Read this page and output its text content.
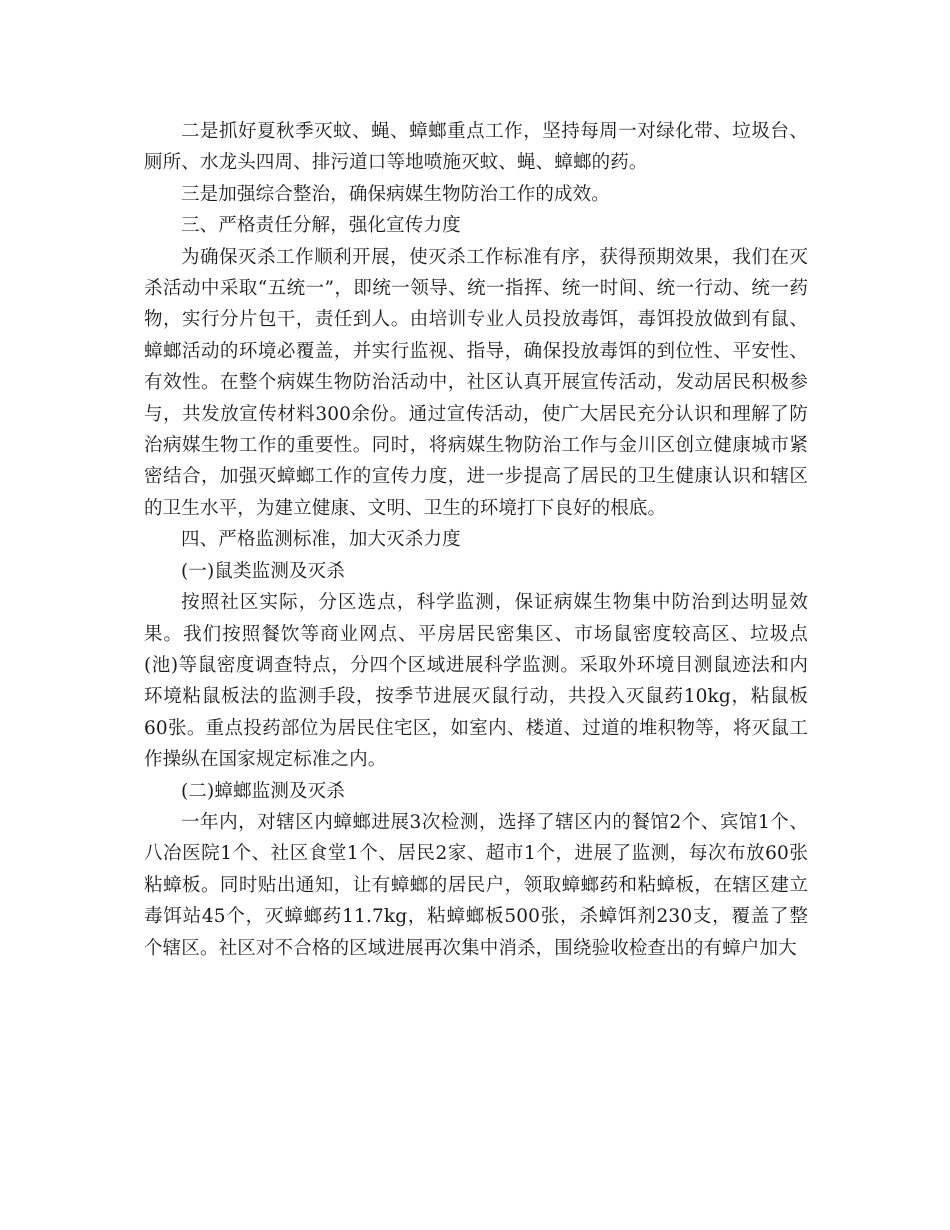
二是抓好夏秋季灭蚊、蝇、蟑螂重点工作，坚持每周一对绿化带、垃圾台、厕所、水龙头四周、排污道口等地喷施灭蚊、蝇、蟑螂的药。

三是加强综合整治，确保病媒生物防治工作的成效。

三、严格责任分解，强化宣传力度

为确保灭杀工作顺利开展，使灭杀工作标准有序，获得预期效果，我们在灭杀活动中采取“五统一”，即统一领导、统一指挥、统一时间、统一行动、统一药物，实行分片包干，责任到人。由培训专业人员投放毒饵，毒饵投放做到有鼠、蟑螂活动的环境必覆盖，并实行监视、指导，确保投放毒饵的到位性、平安性、有效性。在整个病媒生物防治活动中，社区认真开展宣传活动，发动居民积极参与，共发放宣传材料300余份。通过宣传活动，使广大居民充分认识和理解了防治病媒生物工作的重要性。同时，将病媒生物防治工作与金川区创立健康城市紧密结合，加强灭蟑螂工作的宣传力度，进一步提高了居民的卫生健康认识和辖区的卫生水平，为建立健康、文明、卫生的环境打下良好的根底。

四、严格监测标准，加大灭杀力度

(一)鼠类监测及灭杀

按照社区实际，分区选点，科学监测，保证病媒生物集中防治到达明显效果。我们按照餐饮等商业网点、平房居民密集区、市场鼠密度较高区、垃圾点(池)等鼠密度调查特点，分四个区域进展科学监测。采取外环境目测鼠迹法和内环境粘鼠板法的监测手段，按季节进展灭鼠行动，共投入灭鼠药10kg，粘鼠板60张。重点投药部位为居民住宅区，如室内、楼道、过道的堆积物等，将灭鼠工作操纵在国家规定标准之内。

(二)蟑螂监测及灭杀

一年内，对辖区内蟑螂进展3次检测，选择了辖区内的餐馆2个、宾馆1个、八冶医院1个、社区食堂1个、居民2家、超市1个，进展了监测，每次布放60张粘蟑板。同时贴出通知，让有蟑螂的居民户，领取蟑螂药和粘蟑板，在辖区建立毒饵站45个，灭蟑螂药11.7kg，粘蟑螂板500张，杀蟑饵剂230支，覆盖了整个辖区。社区对不合格的区域进展再次集中消杀，围绕验收检查出的有蟑户加大
